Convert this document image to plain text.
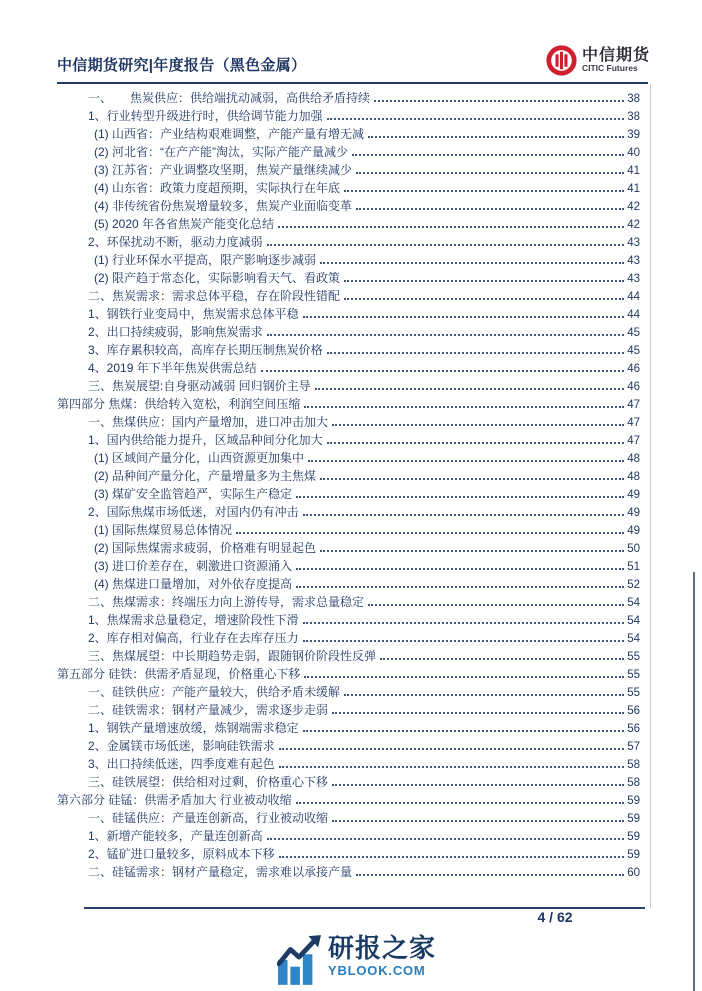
中信期货研究|年度报告（黑色金属）
中信期货
CITIC Futures
一、　　焦炭供应：供给端扰动减弱，高供给矛盾持续	38
1、行业转型升级进行时，供给调节能力加强	38
(1) 山西省：产业结构艰难调整，产能产量有增无减	39
(2) 河北省：“在产产能”淘汰，实际产能产量减少	40
(3) 江苏省：产业调整攻坚期，焦炭产量继续减少	41
(4) 山东省：政策力度超预期，实际执行在年底	41
(4) 非传统省份焦炭增量较多，焦炭产业面临变革	42
(5) 2020 年各省焦炭产能变化总结	42
2、环保扰动不断，驱动力度减弱	43
(1) 行业环保水平提高，限产影响逐步减弱	43
(2) 限产趋于常态化，实际影响看天气、看政策	43
二、焦炭需求：需求总体平稳，存在阶段性错配	44
1、钢铁行业变局中，焦炭需求总体平稳	44
2、出口持续疲弱，影响焦炭需求	45
3、库存累积较高，高库存长期压制焦炭价格	45
4、2019 年下半年焦炭供需总结	46
三、焦炭展望:自身驱动减弱 回归钢价主导	46
第四部分 焦煤：供给转入宽松，利润空间压缩	47
一、焦煤供应：国内产量增加，进口冲击加大	47
1、国内供给能力提升，区域品种间分化加大	47
(1) 区域间产量分化，山西资源更加集中	48
(2) 品种间产量分化，产量增量多为主焦煤	48
(3) 煤矿安全监管趋严，实际生产稳定	49
2、国际焦煤市场低迷，对国内仍有冲击	49
(1) 国际焦煤贸易总体情况	49
(2) 国际焦煤需求疲弱，价格难有明显起色	50
(3) 进口价差存在，刺激进口资源涌入	51
(4) 焦煤进口量增加，对外依存度提高	52
二、焦煤需求：终端压力向上游传导，需求总量稳定	54
1、焦煤需求总量稳定，增速阶段性下滑	54
2、库存相对偏高，行业存在去库存压力	54
三、焦煤展望：中长期趋势走弱，跟随钢价阶段性反弹	55
第五部分 硅铁：供需矛盾显现，价格重心下移	55
一、硅铁供应：产能产量较大，供给矛盾未缓解	55
二、硅铁需求：钢材产量减少，需求逐步走弱	56
1、钢铁产量增速放缓，炼钢端需求稳定	56
2、金属镁市场低迷，影响硅铁需求	57
3、出口持续低迷，四季度难有起色	58
三、硅铁展望：供给相对过剩，价格重心下移	58
第六部分 硅锰：供需矛盾加大 行业被动收缩	59
一、硅锰供应：产量连创新高，行业被动收缩	59
1、新增产能较多，产量连创新高	59
2、锰矿进口量较多，原料成本下移	59
二、硅锰需求：钢材产量稳定，需求难以承接产量	60
4 / 62
研报之家
YBLOOK.COM
